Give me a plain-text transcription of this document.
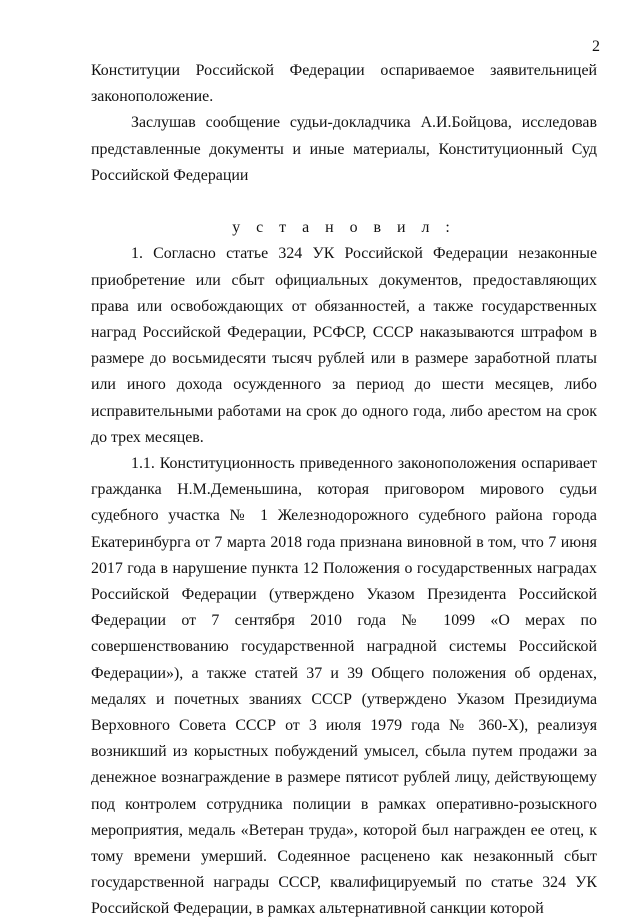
2

Конституции Российской Федерации оспариваемое заявительницей законоположение.

Заслушав сообщение судьи-докладчика А.И.Бойцова, исследовав представленные документы и иные материалы, Конституционный Суд Российской Федерации

у с т а н о в и л :

1. Согласно статье 324 УК Российской Федерации незаконные приобретение или сбыт официальных документов, предоставляющих права или освобождающих от обязанностей, а также государственных наград Российской Федерации, РСФСР, СССР наказываются штрафом в размере до восьмидесяти тысяч рублей или в размере заработной платы или иного дохода осужденного за период до шести месяцев, либо исправительными работами на срок до одного года, либо арестом на срок до трех месяцев.

1.1. Конституционность приведенного законоположения оспаривает гражданка Н.М.Деменьшина, которая приговором мирового судьи судебного участка № 1 Железнодорожного судебного района города Екатеринбурга от 7 марта 2018 года признана виновной в том, что 7 июня 2017 года в нарушение пункта 12 Положения о государственных наградах Российской Федерации (утверждено Указом Президента Российской Федерации от 7 сентября 2010 года № 1099 «О мерах по совершенствованию государственной наградной системы Российской Федерации»), а также статей 37 и 39 Общего положения об орденах, медалях и почетных званиях СССР (утверждено Указом Президиума Верховного Совета СССР от 3 июля 1979 года № 360-X), реализуя возникший из корыстных побуждений умысел, сбыла путем продажи за денежное вознаграждение в размере пятисот рублей лицу, действующему под контролем сотрудника полиции в рамках оперативно-розыскного мероприятия, медаль «Ветеран труда», которой был награжден ее отец, к тому времени умерший. Содеянное расценено как незаконный сбыт государственной награды СССР, квалифицируемый по статье 324 УК Российской Федерации, в рамках альтернативной санкции которой
